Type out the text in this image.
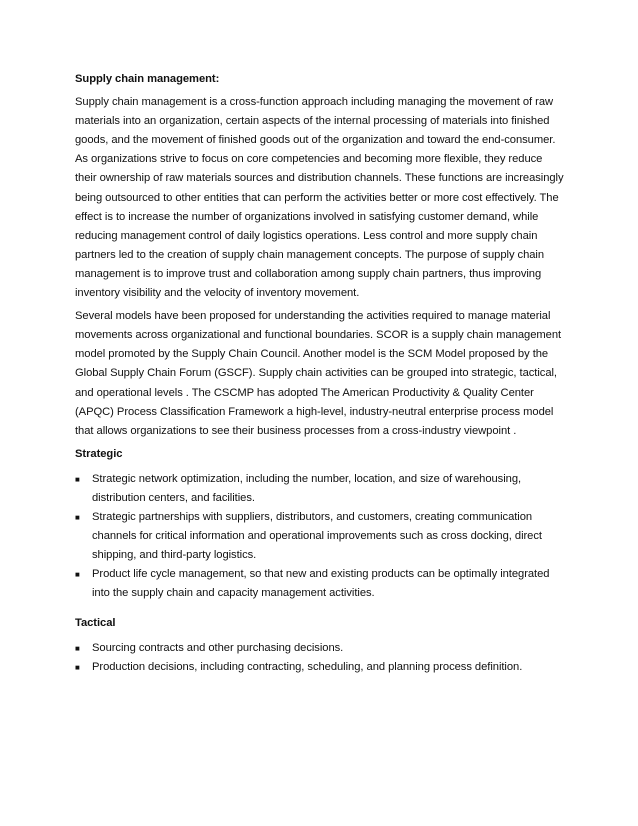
Supply chain management:

Supply chain management is a cross-function approach including managing the movement of raw materials into an organization, certain aspects of the internal processing of materials into finished goods, and the movement of finished goods out of the organization and toward the end-consumer. As organizations strive to focus on core competencies and becoming more flexible, they reduce their ownership of raw materials sources and distribution channels. These functions are increasingly being outsourced to other entities that can perform the activities better or more cost effectively. The effect is to increase the number of organizations involved in satisfying customer demand, while reducing management control of daily logistics operations. Less control and more supply chain partners led to the creation of supply chain management concepts. The purpose of supply chain management is to improve trust and collaboration among supply chain partners, thus improving inventory visibility and the velocity of inventory movement.

Several models have been proposed for understanding the activities required to manage material movements across organizational and functional boundaries. SCOR is a supply chain management model promoted by the Supply Chain Council. Another model is the SCM Model proposed by the Global Supply Chain Forum (GSCF). Supply chain activities can be grouped into strategic, tactical, and operational levels . The CSCMP has adopted The American Productivity & Quality Center (APQC) Process Classification Framework a high-level, industry-neutral enterprise process model that allows organizations to see their business processes from a cross-industry viewpoint .

Strategic

■ Strategic network optimization, including the number, location, and size of warehousing, distribution centers, and facilities.
■ Strategic partnerships with suppliers, distributors, and customers, creating communication channels for critical information and operational improvements such as cross docking, direct shipping, and third-party logistics.
■ Product life cycle management, so that new and existing products can be optimally integrated into the supply chain and capacity management activities.

Tactical

■ Sourcing contracts and other purchasing decisions.
■ Production decisions, including contracting, scheduling, and planning process definition.
